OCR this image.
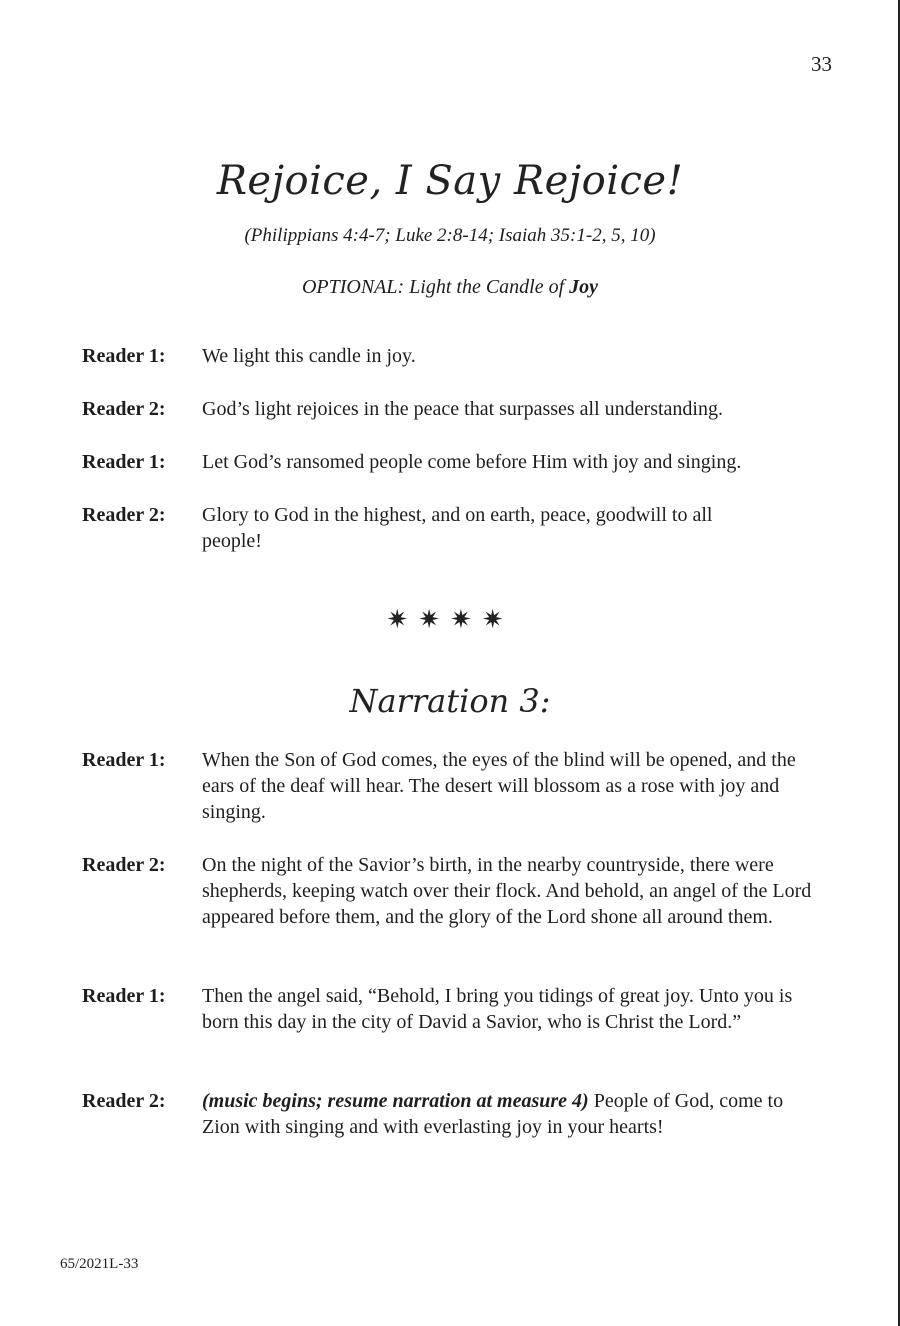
33
Rejoice, I Say Rejoice!
(Philippians 4:4-7; Luke 2:8-14; Isaiah 35:1-2, 5, 10)
OPTIONAL: Light the Candle of Joy
Reader 1:	We light this candle in joy.
Reader 2:	God’s light rejoices in the peace that surpasses all understanding.
Reader 1:	Let God’s ransomed people come before Him with joy and singing.
Reader 2:	Glory to God in the highest, and on earth, peace, goodwill to all people!
✷✷✷✷
Narration 3:
Reader 1:	When the Son of God comes, the eyes of the blind will be opened, and the ears of the deaf will hear. The desert will blossom as a rose with joy and singing.
Reader 2:	On the night of the Savior’s birth, in the nearby countryside, there were shepherds, keeping watch over their flock. And behold, an angel of the Lord appeared before them, and the glory of the Lord shone all around them.
Reader 1:	Then the angel said, “Behold, I bring you tidings of great joy. Unto you is born this day in the city of David a Savior, who is Christ the Lord.”
Reader 2:	(music begins; resume narration at measure 4) People of God, come to Zion with singing and with everlasting joy in your hearts!
65/2021L-33
